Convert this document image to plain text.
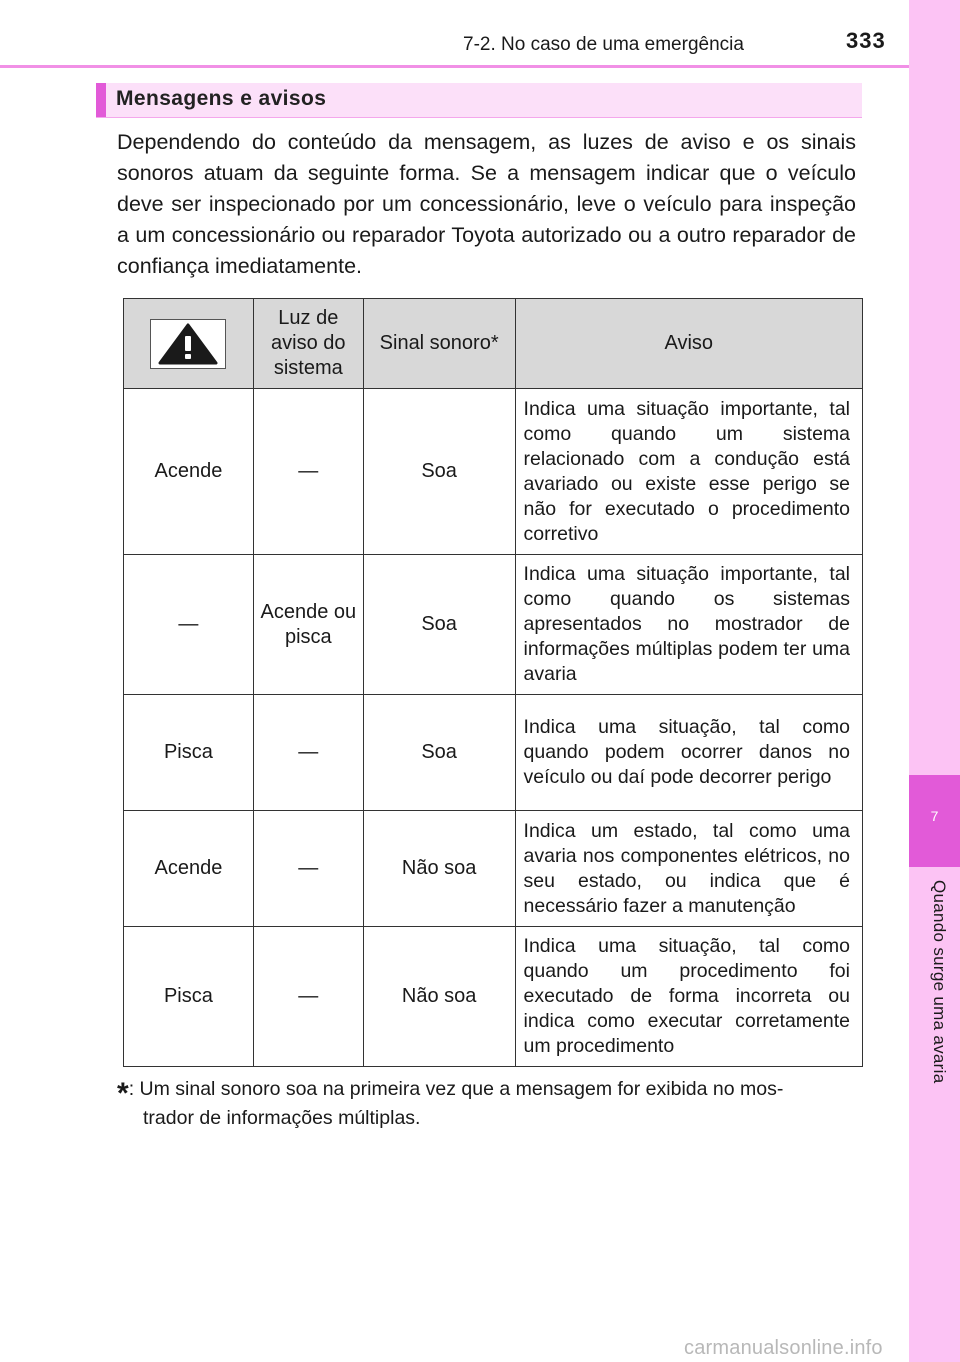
7
Quando surge uma avaria
7-2. No caso de uma emergência	333
Mensagens e avisos
Dependendo do conteúdo da mensagem, as luzes de aviso e os sinais sonoros atuam da seguinte forma. Se a mensagem indicar que o veículo deve ser inspecionado por um concessionário, leve o veículo para inspeção a um concessionário ou reparador Toyota autorizado ou a outro reparador de confiança imediatamente.
	Luz de aviso do sistema	Sinal sonoro*	Aviso
Acende	—	Soa	Indica uma situação importante, tal como quando um sistema relacionado com a condução está avariado ou existe esse perigo se não for executado o procedimento corretivo
—	Acende ou pisca	Soa	Indica uma situação importante, tal como quando os sistemas apresentados no mostrador de informações múltiplas podem ter uma avaria
Pisca	—	Soa	Indica uma situação, tal como quando podem ocorrer danos no veículo ou daí pode decorrer perigo
Acende	—	Não soa	Indica um estado, tal como uma avaria nos componentes elétricos, no seu estado, ou indica que é necessário fazer a manutenção
Pisca	—	Não soa	Indica uma situação, tal como quando um procedimento foi executado de forma incorreta ou indica como executar corretamente um procedimento
*: Um sinal sonoro soa na primeira vez que a mensagem for exibida no mos-
trador de informações múltiplas.
carmanualsonline.info
